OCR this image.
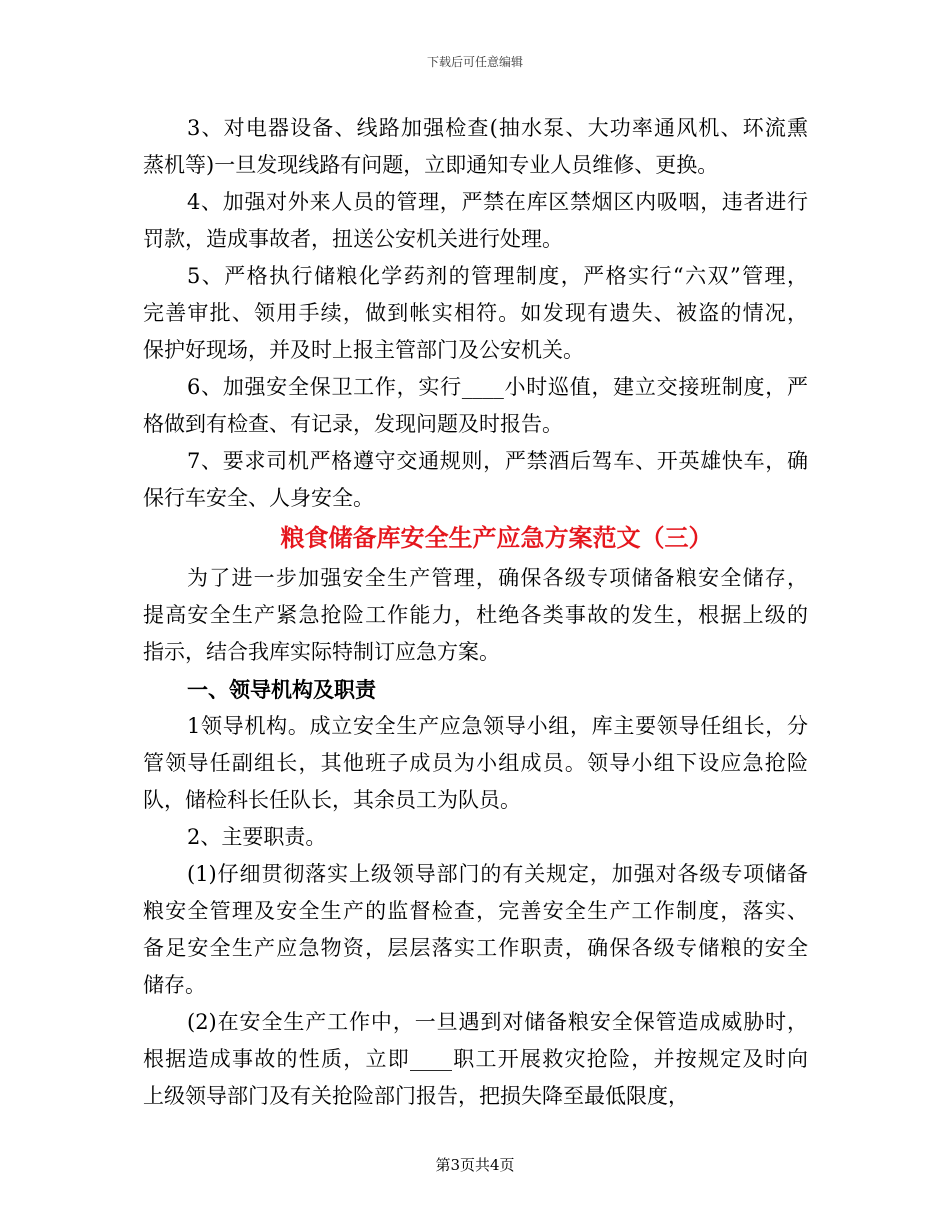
下载后可任意编辑
3、对电器设备、线路加强检查(抽水泵、大功率通风机、环流熏
蒸机等)一旦发现线路有问题，立即通知专业人员维修、更换。
4、加强对外来人员的管理，严禁在库区禁烟区内吸咽，违者进行
罚款，造成事故者，扭送公安机关进行处理。
5、严格执行储粮化学药剂的管理制度，严格实行“六双”管理，
完善审批、领用手续，做到帐实相符。如发现有遗失、被盗的情况，
保护好现场，并及时上报主管部门及公安机关。
6、加强安全保卫工作，实行____小时巡值，建立交接班制度，严
格做到有检查、有记录，发现问题及时报告。
7、要求司机严格遵守交通规则，严禁酒后驾车、开英雄快车，确
保行车安全、人身安全。
粮食储备库安全生产应急方案范文（三）
为了进一步加强安全生产管理，确保各级专项储备粮安全储存，
提高安全生产紧急抢险工作能力，杜绝各类事故的发生，根据上级的
指示，结合我库实际特制订应急方案。
一、领导机构及职责
1领导机构。成立安全生产应急领导小组，库主要领导任组长，分
管领导任副组长，其他班子成员为小组成员。领导小组下设应急抢险
队，储检科长任队长，其余员工为队员。
2、主要职责。
(1)仔细贯彻落实上级领导部门的有关规定，加强对各级专项储备
粮安全管理及安全生产的监督检查，完善安全生产工作制度，落实、
备足安全生产应急物资，层层落实工作职责，确保各级专储粮的安全
储存。
(2)在安全生产工作中，一旦遇到对储备粮安全保管造成威胁时，
根据造成事故的性质，立即____职工开展救灾抢险，并按规定及时向
上级领导部门及有关抢险部门报告，把损失降至最低限度，
第3页共4页
